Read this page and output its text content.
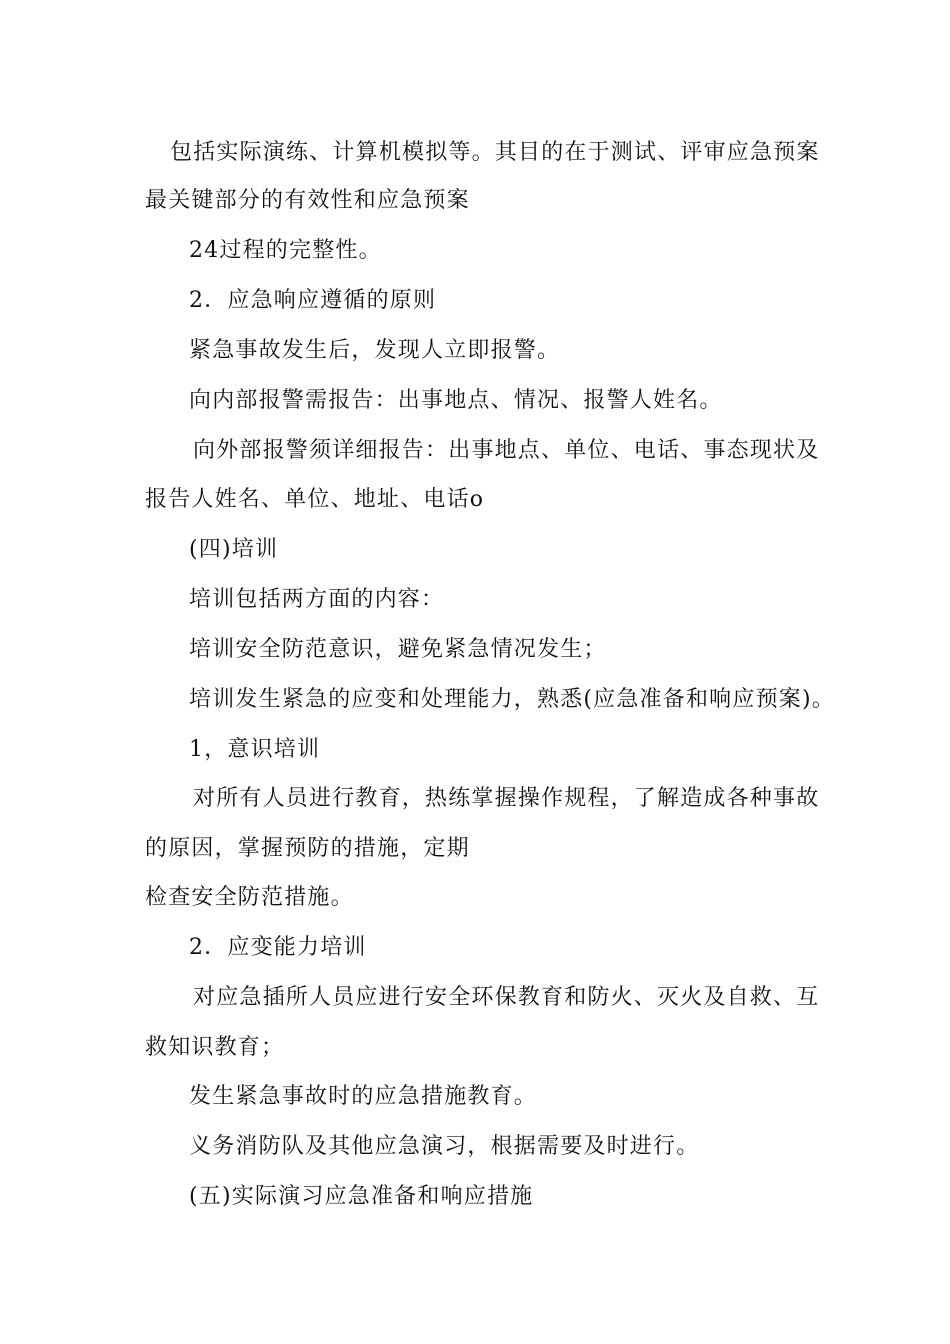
包括实际演练、计算机模拟等。其目的在于测试、评审应急预案
最关键部分的有效性和应急预案
24过程的完整性。
2．应急响应遵循的原则
紧急事故发生后，发现人立即报警。
向内部报警需报告：出事地点、情况、报警人姓名。
向外部报警须详细报告：出事地点、单位、电话、事态现状及
报告人姓名、单位、地址、电话o
(四)培训
培训包括两方面的内容：
培训安全防范意识，避免紧急情况发生；
培训发生紧急的应变和处理能力，熟悉(应急准备和响应预案)。
1，意识培训
对所有人员进行教育，热练掌握操作规程，了解造成各种事故
的原因，掌握预防的措施，定期
检查安全防范措施。
2．应变能力培训
对应急插所人员应进行安全环保教育和防火、灭火及自救、互
救知识教育；
发生紧急事故时的应急措施教育。
义务消防队及其他应急演习，根据需要及时进行。
(五)实际演习应急准备和响应措施
